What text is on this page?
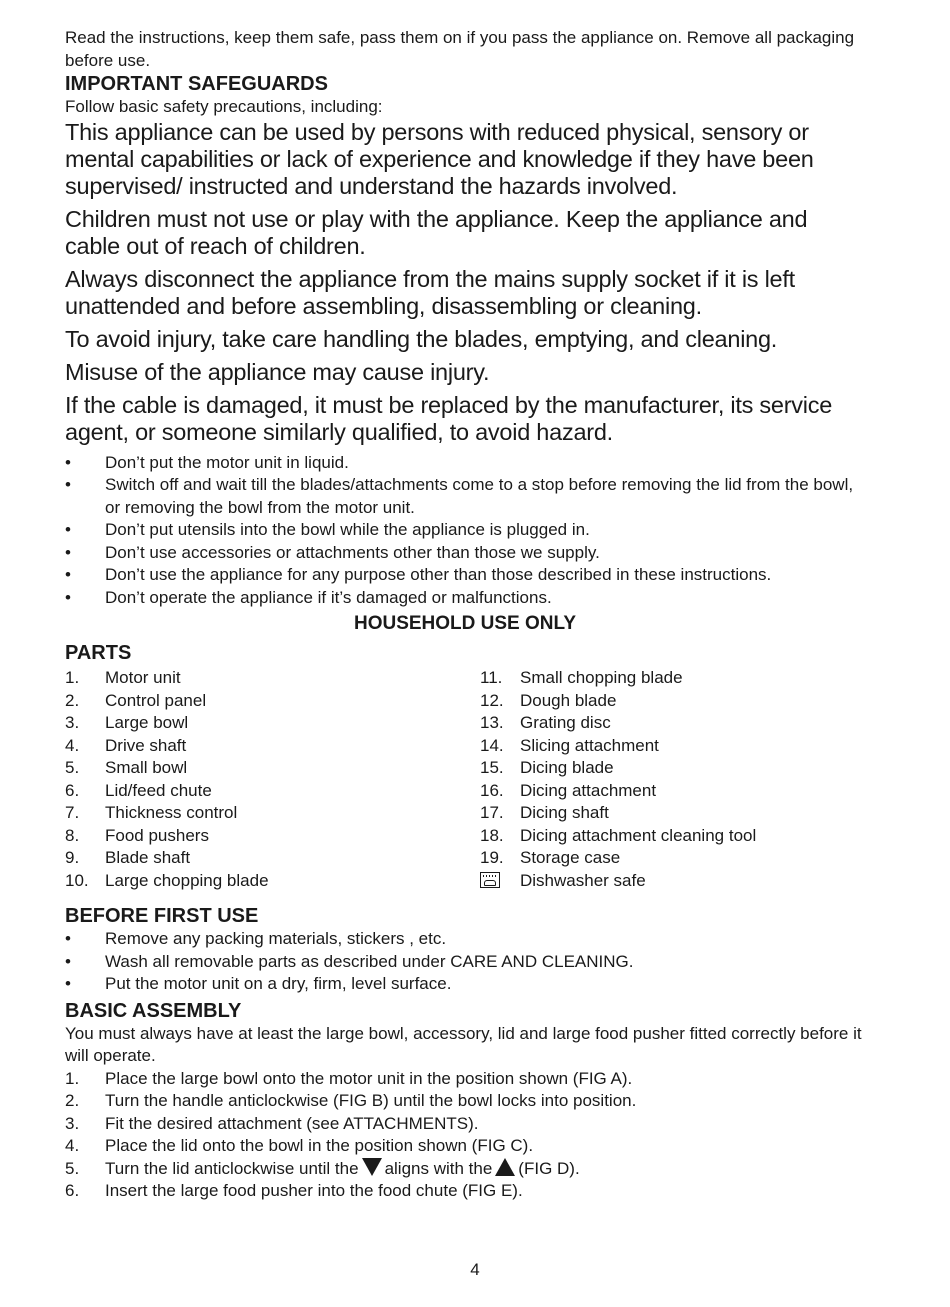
Read the instructions, keep them safe, pass them on if you pass the appliance on. Remove all packaging before use.

IMPORTANT SAFEGUARDS

Follow basic safety precautions, including:

This appliance can be used by persons with reduced physical, sensory or mental capabilities or lack of experience and knowledge if they have been supervised/ instructed and understand the hazards involved.

Children must not use or play with the appliance. Keep the appliance and cable out of reach of children.

Always disconnect the appliance from the mains supply socket if it is left unattended and before assembling, disassembling or cleaning.

To avoid injury, take care handling the blades, emptying, and cleaning.

Misuse of the appliance may cause injury.

If the cable is damaged, it must be replaced by the manufacturer, its service agent, or someone similarly qualified, to avoid hazard.

• Don’t put the motor unit in liquid.
• Switch off and wait till the blades/attachments come to a stop before removing the lid from the bowl, or removing the bowl from the motor unit.
• Don’t put utensils into the bowl while the appliance is plugged in.
• Don’t use accessories or attachments other than those we supply.
• Don’t use the appliance for any purpose other than those described in these instructions.
• Don’t operate the appliance if it’s damaged or malfunctions.

HOUSEHOLD USE ONLY

PARTS

1. Motor unit
2. Control panel
3. Large bowl
4. Drive shaft
5. Small bowl
6. Lid/feed chute
7. Thickness control
8. Food pushers
9. Blade shaft
10. Large chopping blade
11. Small chopping blade
12. Dough blade
13. Grating disc
14. Slicing attachment
15. Dicing blade
16. Dicing attachment
17. Dicing shaft
18. Dicing attachment cleaning tool
19. Storage case
Dishwasher safe

BEFORE FIRST USE

• Remove any packing materials, stickers , etc.
• Wash all removable parts as described under CARE AND CLEANING.
• Put the motor unit on a dry, firm, level surface.

BASIC ASSEMBLY

You must always have at least the large bowl, accessory, lid and large food pusher fitted correctly before it will operate.

1. Place the large bowl onto the motor unit in the position shown (FIG A).
2. Turn the handle anticlockwise (FIG B) until the bowl locks into position.
3. Fit the desired attachment (see ATTACHMENTS).
4. Place the lid onto the bowl in the position shown (FIG C).
5. Turn the lid anticlockwise until the aligns with the (FIG D).
6. Insert the large food pusher into the food chute (FIG E).
4
